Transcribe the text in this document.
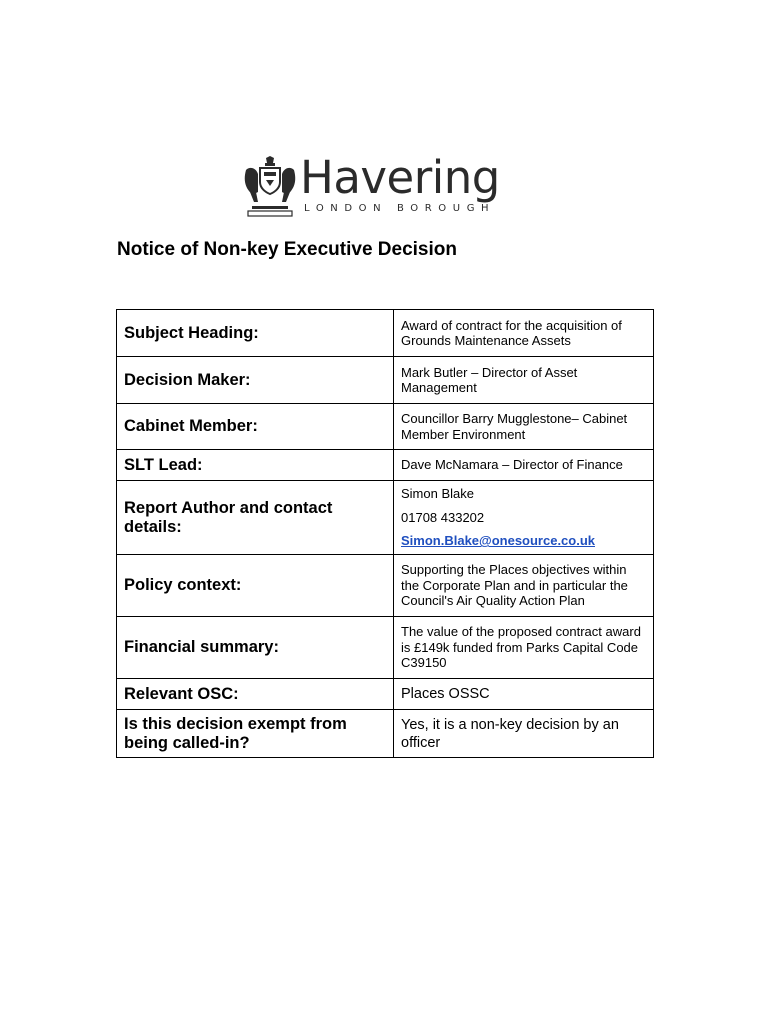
Havering
LONDON BOROUGH
Notice of Non-key Executive Decision
Subject Heading:	Award of contract for the acquisition of Grounds Maintenance Assets
Decision Maker:	Mark Butler – Director of Asset Management
Cabinet Member:	Councillor Barry Mugglestone– Cabinet Member Environment
SLT Lead:	Dave McNamara – Director of Finance
Report Author and contact details:	Simon Blake
01708 433202
Simon.Blake@onesource.co.uk

Policy context:	Supporting the Places objectives within the Corporate Plan and in particular the Council's Air Quality Action Plan
Financial summary:	The value of the proposed contract award is £149k funded from Parks Capital Code C39150
Relevant OSC:	Places OSSC
Is this decision exempt from being called-in?	Yes, it is a non-key decision by an officer
